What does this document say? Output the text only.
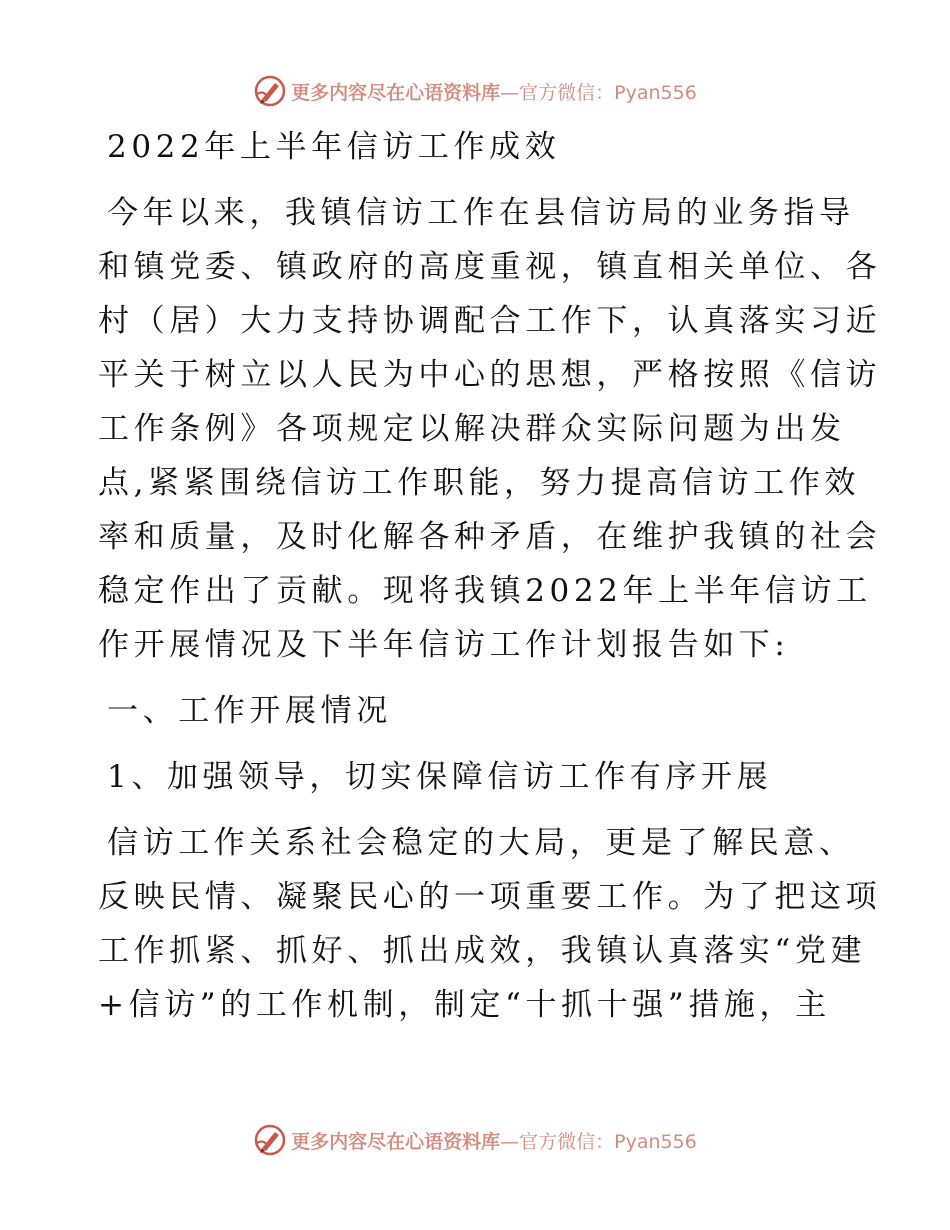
更多内容尽在心语资料库 —官方微信：Pyan556
2022年上半年信访工作成效
今年以来，我镇信访工作在县信访局的业务指导
和镇党委、镇政府的高度重视，镇直相关单位、各
村（居）大力支持协调配合工作下，认真落实习近
平关于树立以人民为中心的思想，严格按照《信访
工作条例》各项规定以解决群众实际问题为出发
点,紧紧围绕信访工作职能，努力提高信访工作效
率和质量，及时化解各种矛盾，在维护我镇的社会
稳定作出了贡献。现将我镇2022年上半年信访工
作开展情况及下半年信访工作计划报告如下:
一、工作开展情况
1、加强领导，切实保障信访工作有序开展
信访工作关系社会稳定的大局，更是了解民意、
反映民情、凝聚民心的一项重要工作。为了把这项
工作抓紧、抓好、抓出成效，我镇认真落实“党建
+信访”的工作机制，制定“十抓十强”措施，主
更多内容尽在心语资料库 —官方微信：Pyan556
